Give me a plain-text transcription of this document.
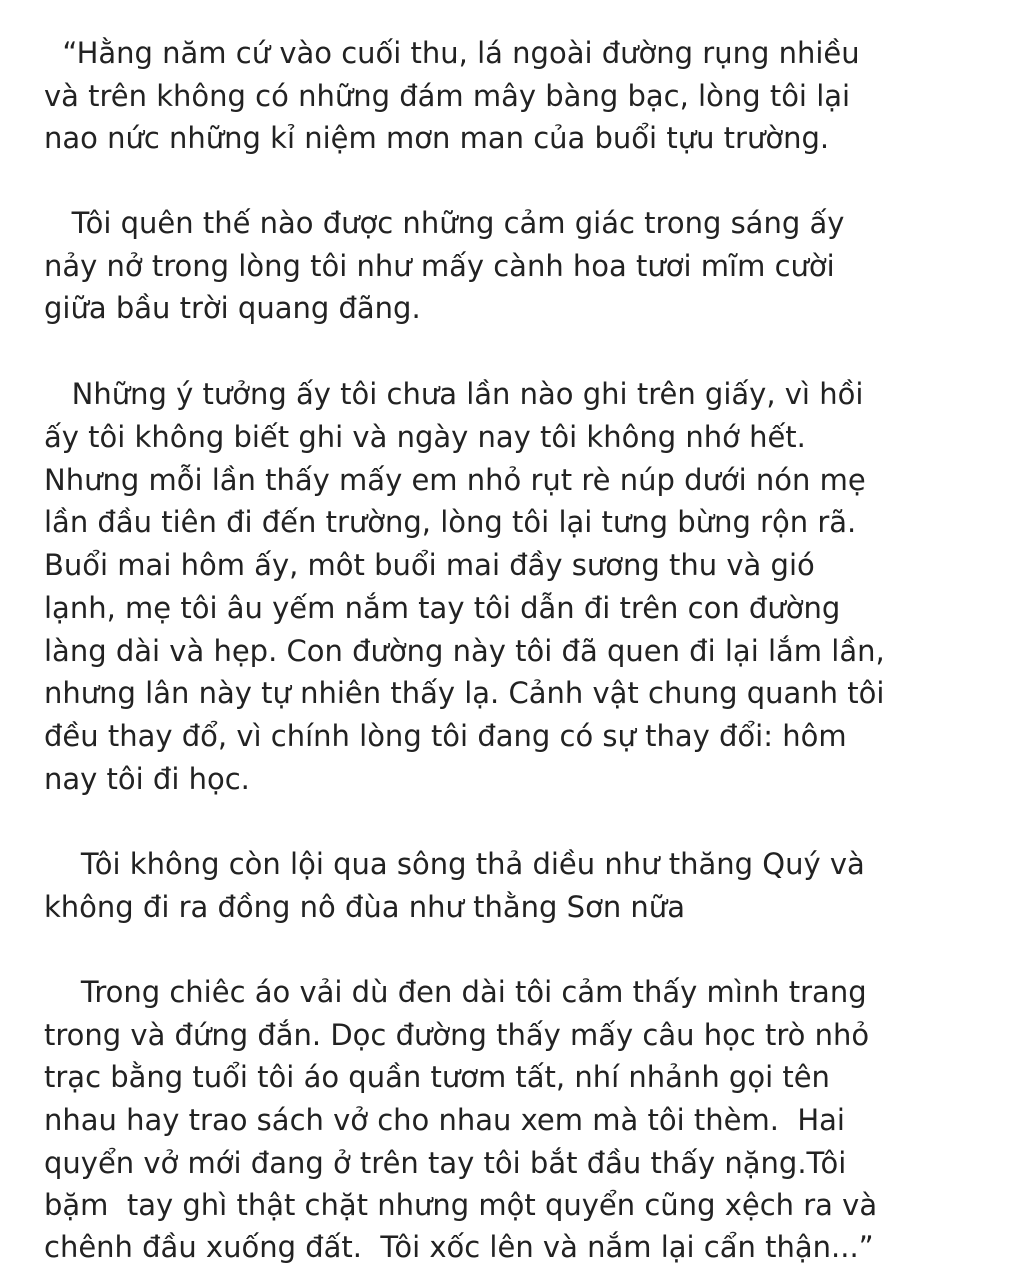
“Hằng năm cứ vào cuối thu, lá ngoài đường rụng nhiều
và trên không có những đám mây bàng bạc, lòng tôi lại
nao nức những kỉ niệm mơn man của buổi tựu trường.
Tôi quên thế nào được những cảm giác trong sáng ấy
nảy nở trong lòng tôi như mấy cành hoa tươi mĩm cười
giữa bầu trời quang đãng.
Những ý tưởng ấy tôi chưa lần nào ghi trên giấy, vì hồi
ấy tôi không biết ghi và ngày nay tôi không nhớ hết.
Nhưng mỗi lần thấy mấy em nhỏ rụt rè núp dưới nón mẹ
lần đầu tiên đi đến trường, lòng tôi lại tưng bừng rộn rã.
Buổi mai hôm ấy, môt buổi mai đầy sương thu và gió
lạnh, mẹ tôi âu yếm nắm tay tôi dẫn đi trên con đường
làng dài và hẹp. Con đường này tôi đã quen đi lại lắm lần,
nhưng lân này tự nhiên thấy lạ. Cảnh vật chung quanh tôi
đều thay đổ, vì chính lòng tôi đang có sự thay đổi: hôm
nay tôi đi học.
Tôi không còn lội qua sông thả diều như thăng Quý và
không đi ra đồng nô đùa như thằng Sơn nữa
Trong chiêc áo vải dù đen dài tôi cảm thấy mình trang
trong và đứng đắn. Dọc đường thấy mấy câu học trò nhỏ
trạc bằng tuổi tôi áo quần tươm tất, nhí nhảnh gọi tên
nhau hay trao sách vở cho nhau xem mà tôi thèm.  Hai
quyển vở mới đang ở trên tay tôi bắt đầu thấy nặng.Tôi
bặm  tay ghì thật chặt nhưng một quyển cũng xệch ra và
chênh đầu xuống đất.  Tôi xốc lên và nắm lại cẩn thận...”
